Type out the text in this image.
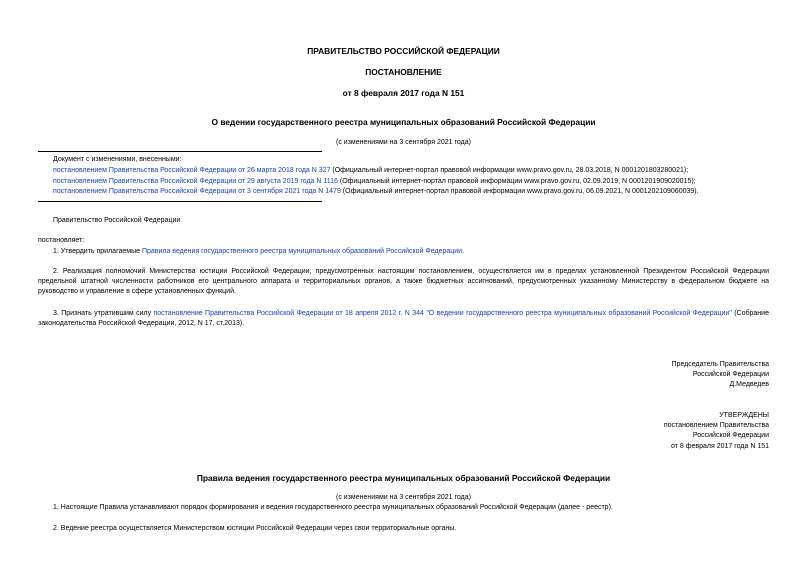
ПРАВИТЕЛЬСТВО РОССИЙСКОЙ ФЕДЕРАЦИИ
ПОСТАНОВЛЕНИЕ
от 8 февраля 2017 года N 151
О ведении государственного реестра муниципальных образований Российской Федерации
(с изменениями на 3 сентября 2021 года)
Документ с изменениями, внесенными:
постановлением Правительства Российской Федерации от 26 марта 2018 года N 327 (Официальный интернет-портал правовой информации www.pravo.gov.ru, 28.03.2018, N 0001201803280021);
постановлением Правительства Российской Федерации от 29 августа 2019 года N 1116 (Официальный интернет-портал правовой информации www.pravo.gov.ru, 02.09.2019, N 0001201909020015);
постановлением Правительства Российской Федерации от 3 сентября 2021 года N 1479 (Официальный интернет-портал правовой информации www.pravo.gov.ru, 06.09.2021, N 0001202109060039).
Правительство Российской Федерации
постановляет:
1. Утвердить прилагаемые Правила ведения государственного реестра муниципальных образований Российской Федерации.
2. Реализация полномочий Министерства юстиции Российской Федерации, предусмотренных настоящим постановлением, осуществляется им в пределах установленной Президентом Российской Федерации предельной штатной численности работников его центрального аппарата и территориальных органов, а также бюджетных ассигнований, предусмотренных указанному Министерству в федеральном бюджете на руководство и управление в сфере установленных функций.
3. Признать утратившим силу постановление Правительства Российской Федерации от 18 апреля 2012 г. N 344 "О ведении государственного реестра муниципальных образований Российской Федерации" (Собрание законодательства Российской Федерации, 2012, N 17, ст.2013).
Председатель Правительства
Российской Федерации
Д.Медведев
УТВЕРЖДЕНЫ
постановлением Правительства
Российской Федерации
от 8 февраля 2017 года N 151
Правила ведения государственного реестра муниципальных образований Российской Федерации
(с изменениями на 3 сентября 2021 года)
1. Настоящие Правила устанавливают порядок формирования и ведения государственного реестра муниципальных образований Российской Федерации (далее - реестр).
2. Ведение реестра осуществляется Министерством юстиции Российской Федерации через свои территориальные органы.
